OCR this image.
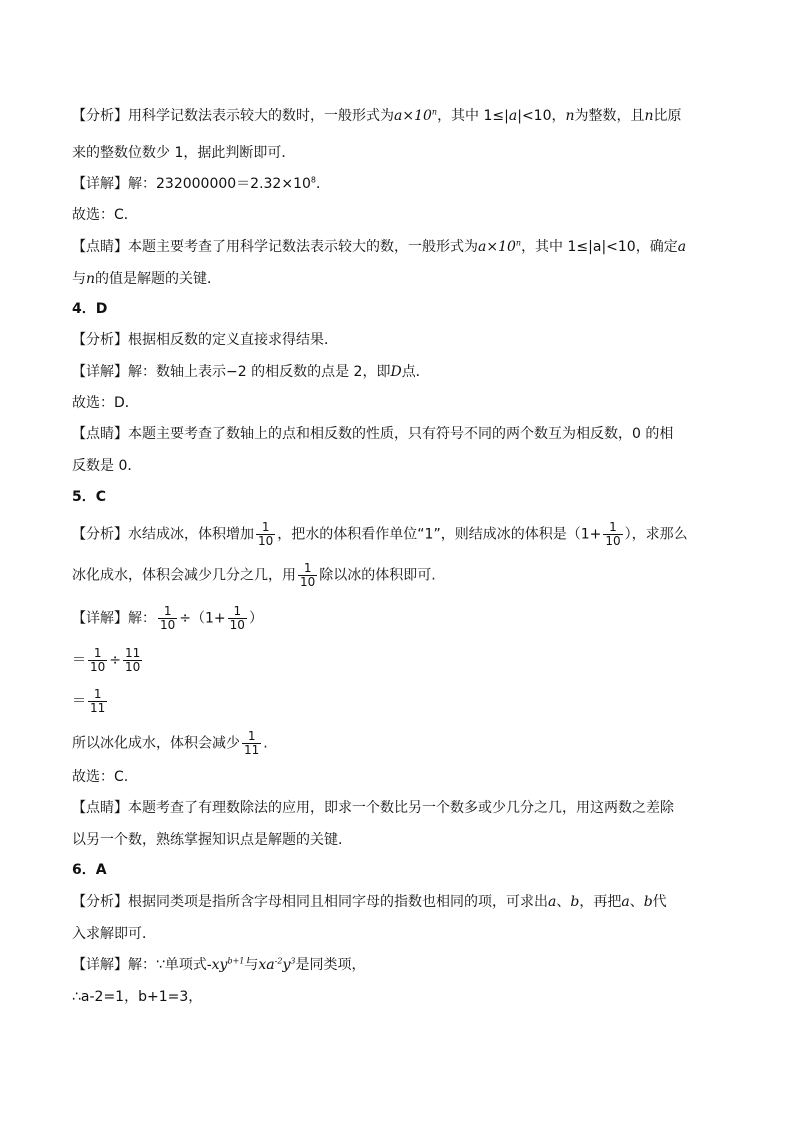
【分析】用科学记数法表示较大的数时，一般形式为$a\times 10^n$，其中 1≤|a|<10，n为整数，且n比原
来的整数位数少 1，据此判断即可．
【详解】解：$232000000=2.32\times 10^8$．
故选：C．
【点睛】本题主要考查了用科学记数法表示较大的数，一般形式为$a\times 10^n$，其中 1≤|a|<10，确定a
与n的值是解题的关键．
4．D
【分析】根据相反数的定义直接求得结果．
【详解】解：数轴上表示−2 的相反数的点是 2，即D点．
故选：D．
【点睛】本题主要考查了数轴上的点和相反数的性质，只有符号不同的两个数互为相反数，0 的相
反数是 0．
5．C
【分析】水结成冰，体积增加 $\frac{1}{10}$ ，把水的体积看作单位“1”，则结成冰的体积是（$1+ \frac{1}{10}$ ），求那么
冰化成水，体积会减少几分之几，用 $\frac{1}{10}$ 除以冰的体积即可.
【详解】解： $\frac{1}{10} \div(1+ \frac{1}{10}$ ）
＝ $\frac{1}{10} \div \frac{11}{10}$
＝ $\frac{1}{11}$
所以冰化成水，体积会减少 $\frac{1}{11}$ .
故选：C.
【点睛】本题考查了有理数除法的应用，即求一个数比另一个数多或少几分之几，用这两数之差除
以另一个数，熟练掌握知识点是解题的关键.
6．A
【分析】根据同类项是指所含字母相同且相同字母的指数也相同的项，可求出a、b，再把a、b代
入求解即可．
【详解】解：∵单项式$-xy^{b+1}$与$xa^{-2}y^3$是同类项，
∴a-2=1，b+1=3，
